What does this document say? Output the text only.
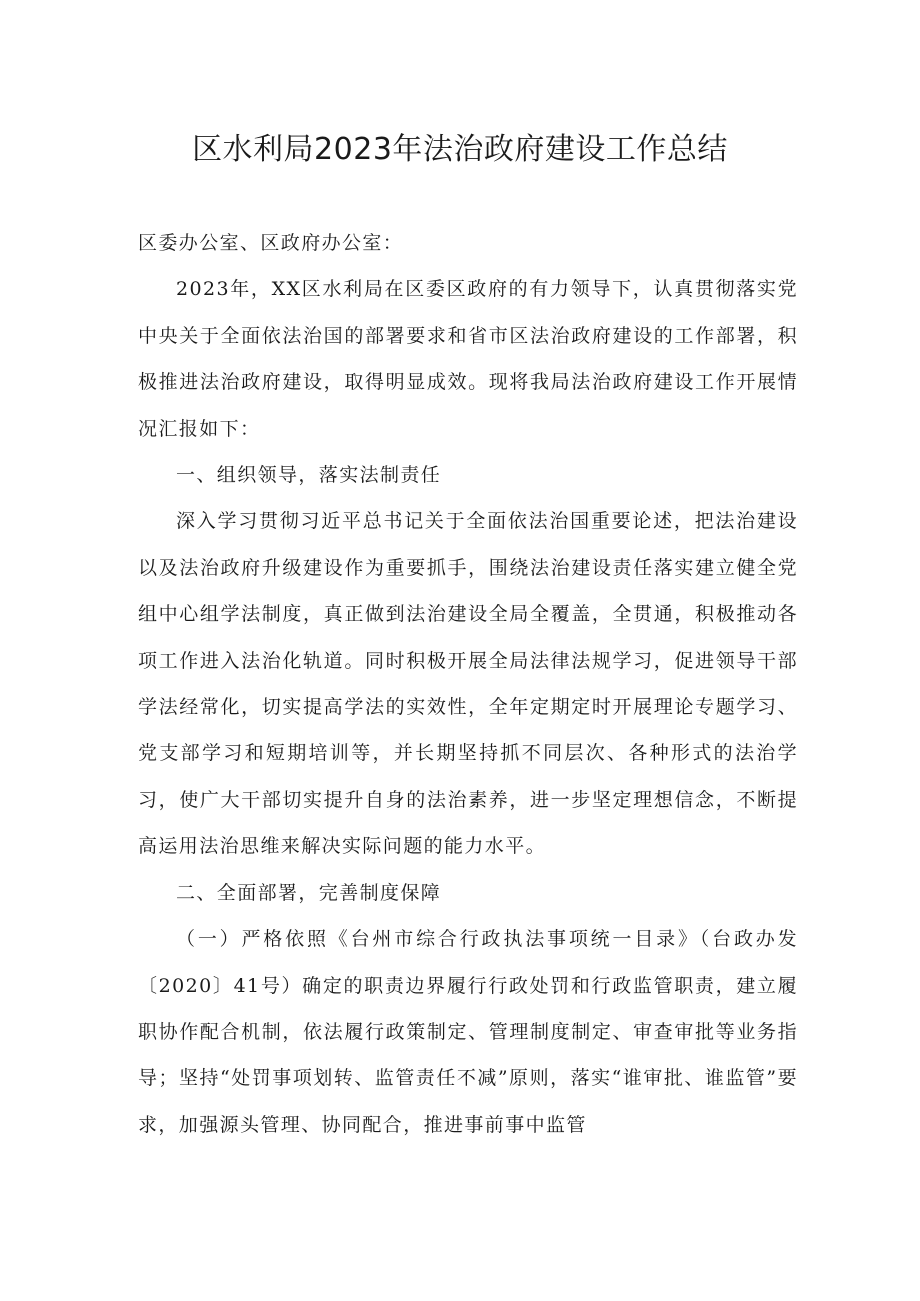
区水利局2023年法治政府建设工作总结

区委办公室、区政府办公室：

2023年，XX区水利局在区委区政府的有力领导下，认真贯彻落实党中央关于全面依法治国的部署要求和省市区法治政府建设的工作部署，积极推进法治政府建设，取得明显成效。现将我局法治政府建设工作开展情况汇报如下：

一、组织领导，落实法制责任

深入学习贯彻习近平总书记关于全面依法治国重要论述，把法治建设以及法治政府升级建设作为重要抓手，围绕法治建设责任落实建立健全党组中心组学法制度，真正做到法治建设全局全覆盖，全贯通，积极推动各项工作进入法治化轨道。同时积极开展全局法律法规学习，促进领导干部学法经常化，切实提高学法的实效性，全年定期定时开展理论专题学习、党支部学习和短期培训等，并长期坚持抓不同层次、各种形式的法治学习，使广大干部切实提升自身的法治素养，进一步坚定理想信念，不断提高运用法治思维来解决实际问题的能力水平。

二、全面部署，完善制度保障

（一）严格依照《台州市综合行政执法事项统一目录》（台政办发〔2020〕41号）确定的职责边界履行行政处罚和行政监管职责，建立履职协作配合机制，依法履行政策制定、管理制度制定、审查审批等业务指导；坚持“处罚事项划转、监管责任不减”原则，落实“谁审批、谁监管”要求，加强源头管理、协同配合，推进事前事中监管
